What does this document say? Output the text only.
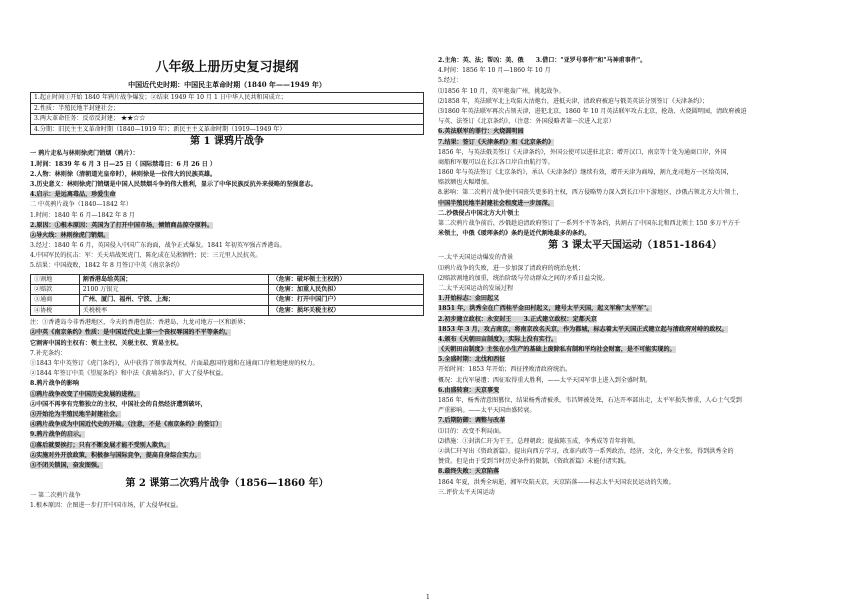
八年级上册历史复习提纲
中国近代史时期：中国民主革命时期（1840 年——1949 年）
1.起止时间①开始 1840 年鸦片战争爆发；②结束 1949 年 10 月 1 日中华人民共和国成立；
2.性质：半殖民地半封建社会；
3.两大革命任务：反帝反封建； ★★☆☆
4.分期：旧民主主义革命时期（1840—1919 年）；新民主主义革命时期（1919—1949 年）
第 1 课鸦片战争
一 鸦片走私与林则徐虎门销烟（鸦片）：
1.时间：1839 年 6 月 3 日—25 日（ 国际禁毒日：6 月 26 日 ）
2.人物：林则徐（清朝道光皇帝时），林则徐是一位伟大的民族英雄。
3.历史意义：林则徐虎门销烟是中国人民禁烟斗争的伟大胜利，显示了中华民族反抗外来侵略的坚强意志。
4.启示：是远离毒品，珍爱生命
二 中英鸦片战争（1840—1842 年）
1.时间：1840 年 6 月—1842 年 8 月
2.原因：①根本原因：英国为了打开中国市场，倾销商品掠夺原料。
②导火线：林则徐虎门销烟。
3.经过：1840 年 6 月，英国侵入中国广东海面，战争正式爆发。1841 年初英军强占香港岛。
4.中国军民的抗击：军：关天培战死虎门、陈化成在吴淞牺牲；民：三元里人民抗英。
5.结果：中国战败，1842 年 8 月签订中英《南京条约》
①割地	割香港岛给英国；	（危害：破坏领土主权的）
②赔款	2100 万银元	（危害：加重人民负担）
③通商	广州、厦门、福州、宁波、上海；	（危害：打开中国门户）
④协税	关税税率	（危害：损坏关税主权）
注：①香港岛今非香港地区，今天的香港包括：香港岛、九龙司地方一区和新界；
②中英《南京条约》性质：是中国近代史上第一个丧权辱国的不平等条约。
它割害中国的主权有：领土主权、关税主权、贸易主权。
7.补充条约：
①1843 年中英签订《虎门条约》，从中获得了领事裁判权、片面最惠国待遇和在通商口岸租地建房的权力。
②1844 年签订中美《望厦条约》和中法《黄埔条约》，扩大了侵华权益。
8.鸦片战争的影响
①鸦片战争改变了中国历史发展的进程。
②中国不再享有完整独立的主权，中国社会的自然经济遭到破坏，
③开始沦为半殖民地半封建社会。
④鸦片战争成为中国近代史的开端。（注意，不是《南京条约》的签订）
9.鸦片战争的启示。
①落后就要挨打；只有不断发展才能不受别人欺负。
②实施对外开放政策，积极参与国际竞争，提高自身综合实力。
③不闭关锁国，奋发图强。
第 2 课第二次鸦片战争（1856—1860 年）
一 第二次鸦片战争
1.根本原因：企图进一步打开中国市场，扩大侵华权益。
2.主角：英、法；帮凶：美、俄　　3.借口："亚罗号事件"和"马神甫事件"。
4.时间：1856 年 10 月—1860 年 10 月
5.经过：
⑴1856 年 10 月，英军炮轰广州，挑起战争。
⑵1858 年，英法联军北上攻陷大沽炮台，进抵天津，清政府被迫与俄美英法分别签订《天津条约》；
⑶1860 年英法联军再次占领天津，进犯北京，1860 年 10 月英法联军攻占北京，抢劫、火烧圆明园，清政府被迫
与英、法签订《北京条约》，（注意：外国侵略者第一次进入北京）
6.英法联军的罪行：火烧圆明园
7.结果：签订《天津条约》和《北京条约》
1856 年，与英法俄美签订《天津条约》，外国公使可以进驻北京；增开汉口，南京等十处为通商口岸，外国
商船和军舰可以在长江各口岸自由航行等。
1860 年与英法签订《北京条约》，承认《天津条约》继续有效，增开天津为商埠，割九龙司地方一区给英国，
赔款额也大幅增加。
8.影响：第二次鸦片战争使中国丧失更多的主权，西方侵略势力深入到长江中下游地区，沙俄占领北方大片领土，
中国半殖民地半封建社会程度进一步加深。
二.沙俄侵占中国北方大片领土
第二次鸦片战争前后，沙俄趁迫清政府签订了一系列不平等条约，共割占了中国东北和西北领土 150 多万平方千
米领土，中俄《瑷珲条约》条约是近代割地最多的条约。
第 3 课太平天国运动（1851-1864）
一.太平天国运动爆发的背景
⑴鸦片战争的失败，进一步加深了清政府的统治危机；
⑵赔款割地的加重，统治阶级与劳动群众之间的矛盾日益尖锐。
二.太平天国运动的发展过程
1.开始标志：金田起义
1851 年，洪秀全在广西桂平金田村起义，建号太平天国，起义军称"太平军"。
2.初步建立政权：永安封王　　3.正式建立政权：定都天京
1853 年 3 月，攻占南京，将南京改名天京，作为都城，标志着太平天国正式建立起与清政府对峙的政权。
4.颁布《天朝田亩制度》，实际上没有实行。
《天朝田亩制度》主张在小生产的基础上废除私有制和平均社会财富，是不可能实现的。
5.全盛时期：北伐和西征
开始时间：1853 年开始；西征挫败清政府统治。
概况：北伐军屡遭；西征取得重大胜利，——太平天国军事上进入到全盛时期。
6.由盛转衰：天京事变
1856 年，杨秀清意图篡位，结果杨秀清被杀，韦昌辉被处死，石达开率部出走，太平军损失惨重，人心士气受到
严重影响。——太平天国由盛转衰。
7.后期防御：调整与改革
⑴目的：改变不利局面。
⑵措施：①封洪仁玕为干王，总理朝政；提拔陈玉成，李秀成等青年将领。
②洪仁玕写出《资政新篇》，提出向西方学习，改革内政等一系列政治，经济，文化，外交主张，得到洪秀全的
赞赏。但是由于受到当时历史条件的限制，《资政新篇》未能付诸实践。
8.最终失败：天京陷落
1864 年夏，洪秀全病逝，湘军攻陷天京，天京陷落——标志太平天国农民运动的失败。
三.评价太平天国运动
1
